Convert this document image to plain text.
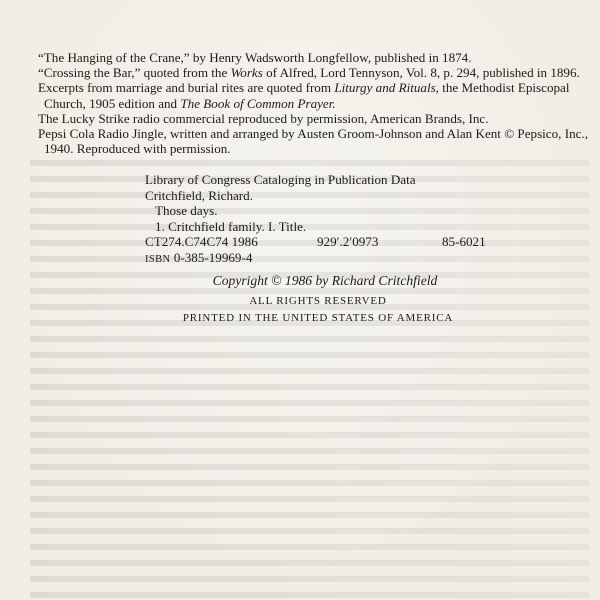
“The Hanging of the Crane,” by Henry Wadsworth Longfellow, published in 1874.

“Crossing the Bar,” quoted from the Works of Alfred, Lord Tennyson, Vol. 8, p. 294, published in 1896.

Excerpts from marriage and burial rites are quoted from Liturgy and Rituals, the Methodist Episcopal Church, 1905 edition and The Book of Common Prayer.

The Lucky Strike radio commercial reproduced by permission, American Brands, Inc.

Pepsi Cola Radio Jingle, written and arranged by Austen Groom-Johnson and Alan Kent © Pepsico, Inc., 1940. Reproduced with permission.

Library of Congress Cataloging in Publication Data

Critchfield, Richard.

Those days.

1. Critchfield family. I. Title.

CT274.C74C74 1986	929′.2′0973	85-6021

ISBN 0-385-19969-4

Copyright © 1986 by Richard Critchfield

ALL RIGHTS RESERVED

PRINTED IN THE UNITED STATES OF AMERICA
